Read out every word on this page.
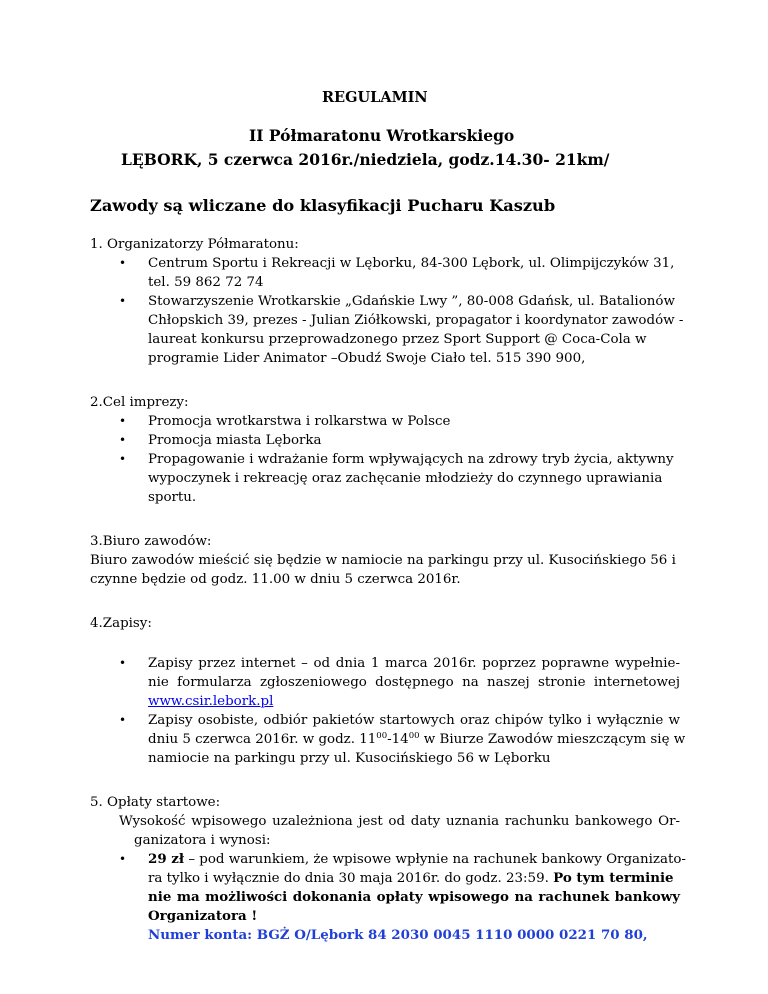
REGULAMIN
II Półmaratonu Wrotkarskiego
LĘBORK, 5 czerwca 2016r./niedziela, godz.14.30- 21km/
Zawody są wliczane do klasyfikacji Pucharu Kaszub
1. Organizatorzy Półmaratonu:
• Centrum Sportu i Rekreacji w Lęborku, 84-300 Lębork, ul. Olimpijczyków 31,
tel. 59 862 72 74
• Stowarzyszenie Wrotkarskie „Gdańskie Lwy ”, 80-008 Gdańsk, ul. Batalionów
Chłopskich 39, prezes - Julian Ziółkowski, propagator i koordynator zawodów -
laureat konkursu przeprowadzonego przez Sport Support @ Coca-Cola w
programie Lider Animator –Obudź Swoje Ciało tel. 515 390 900,
2.Cel imprezy:
• Promocja wrotkarstwa i rolkarstwa w Polsce
• Promocja miasta Lęborka
• Propagowanie i wdrażanie form wpływających na zdrowy tryb życia, aktywny
wypoczynek i rekreację oraz zachęcanie młodzieży do czynnego uprawiania
sportu.
3.Biuro zawodów:
Biuro zawodów mieścić się będzie w namiocie na parkingu przy ul. Kusocińskiego 56 i
czynne będzie od godz. 11.00 w dniu 5 czerwca 2016r.
4.Zapisy:
• Zapisy przez internet – od dnia 1 marca 2016r. poprzez poprawne wypełnie-
nie formularza zgłoszeniowego dostępnego na naszej stronie internetowej
www.csir.lebork.pl
• Zapisy osobiste, odbiór pakietów startowych oraz chipów tylko i wyłącznie w
dniu 5 czerwca 2016r. w godz. $11^{00}-14^{00}$ w Biurze Zawodów mieszczącym się w
namiocie na parkingu przy ul. Kusocińskiego 56 w Lęborku
5. Opłaty startowe:
Wysokość wpisowego uzależniona jest od daty uznania rachunku bankowego Or-
ganizatora i wynosi:
• 29 zł – pod warunkiem, że wpisowe wpłynie na rachunek bankowy Organizato-
ra tylko i wyłącznie do dnia 30 maja 2016r. do godz. 23:59. Po tym terminie
nie ma możliwości dokonania opłaty wpisowego na rachunek bankowy
Organizatora !
Numer konta: BGŻ O/Lębork 84 2030 0045 1110 0000 0221 70 80,
